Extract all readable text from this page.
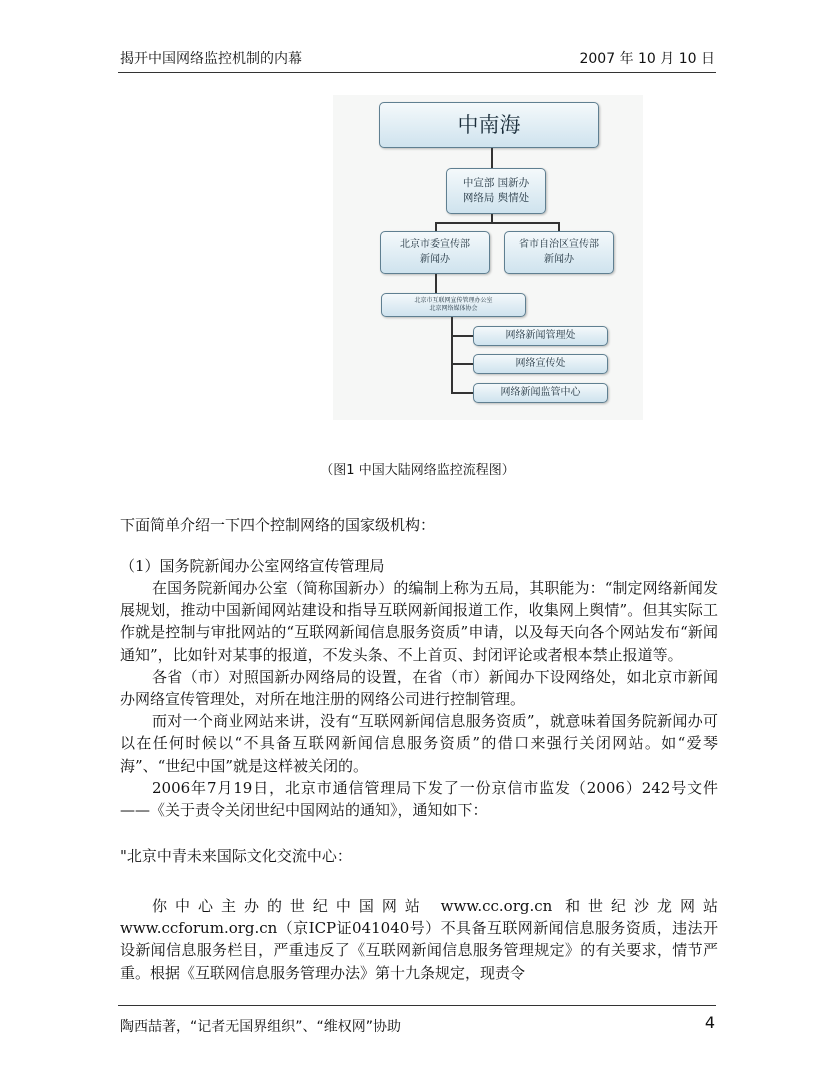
揭开中国网络监控机制的内幕	2007 年 10 月 10 日
中南海
中宣部 国新办
网络局 舆情处
北京市委宣传部
新闻办
省市自治区宣传部
新闻办
北京市互联网宣传管理办公室
北京网络媒体协会
网络新闻管理处
网络宣传处
网络新闻监管中心
（图1 中国大陆网络监控流程图）
下面简单介绍一下四个控制网络的国家级机构：
（1）国务院新闻办公室网络宣传管理局

在国务院新闻办公室（简称国新办）的编制上称为五局，其职能为：“制定网络新闻发展规划，推动中国新闻网站建设和指导互联网新闻报道工作，收集网上舆情”。但其实际工作就是控制与审批网站的“互联网新闻信息服务资质”申请，以及每天向各个网站发布“新闻通知”，比如针对某事的报道，不发头条、不上首页、封闭评论或者根本禁止报道等。

各省（市）对照国新办网络局的设置，在省（市）新闻办下设网络处，如北京市新闻办网络宣传管理处，对所在地注册的网络公司进行控制管理。

而对一个商业网站来讲，没有“互联网新闻信息服务资质”，就意味着国务院新闻办可以在任何时候以“不具备互联网新闻信息服务资质”的借口来强行关闭网站。如“爱琴海”、“世纪中国”就是这样被关闭的。

2006年7月19日，北京市通信管理局下发了一份京信市监发（2006）242号文件——《关于责令关闭世纪中国网站的通知》，通知如下：

"北京中青未来国际文化交流中心：

你中心主办的世纪中国网站 www.cc.org.cn 和世纪沙龙网站 www.ccforum.org.cn（京ICP证041040号）不具备互联网新闻信息服务资质，违法开设新闻信息服务栏目，严重违反了《互联网新闻信息服务管理规定》的有关要求，情节严重。根据《互联网信息服务管理办法》第十九条规定，现责令

陶西喆著，“记者无国界组织”、“维权网”协助	4
